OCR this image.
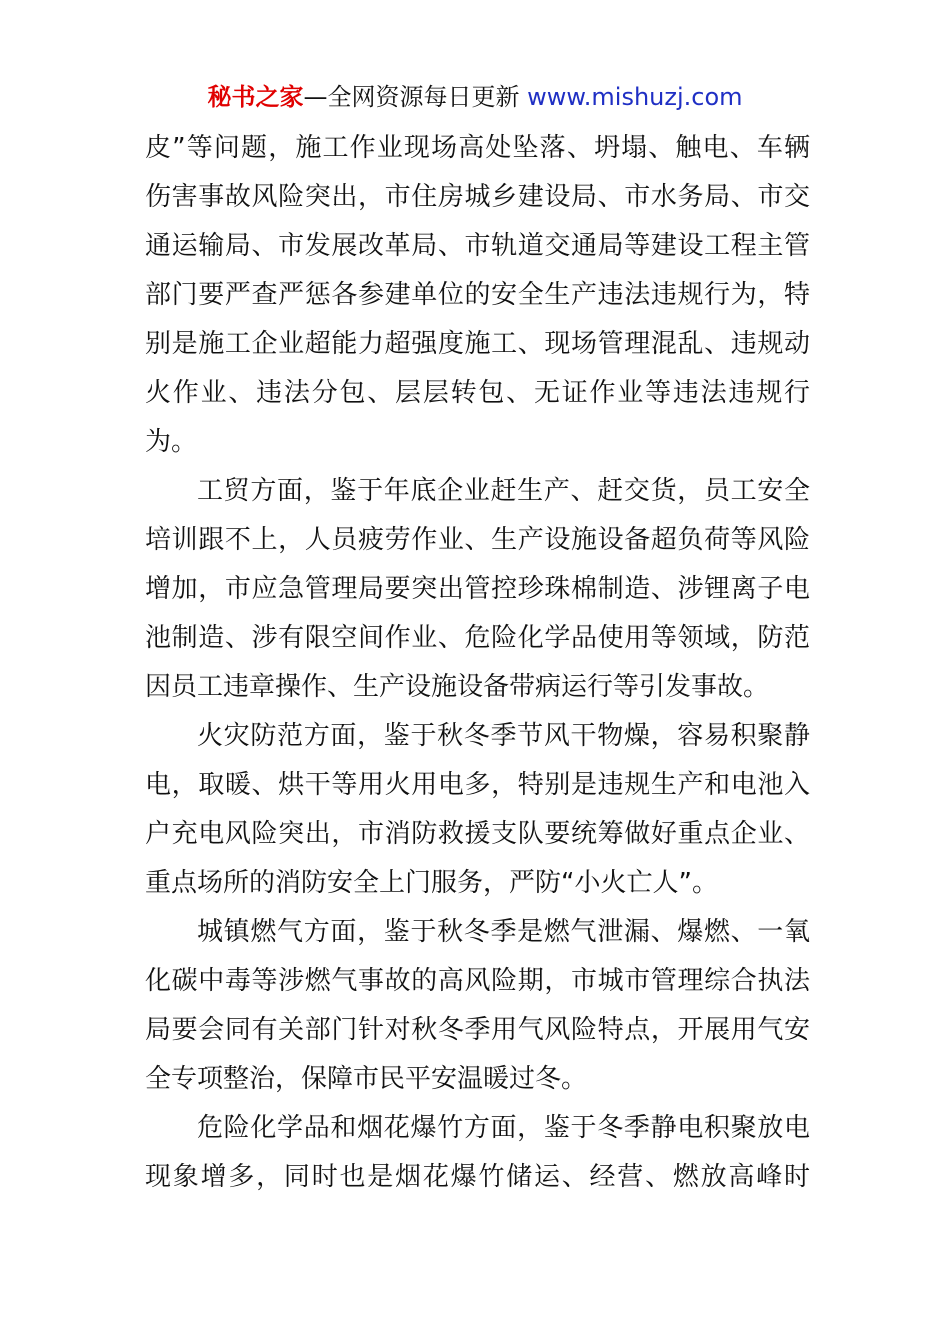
秘书之家—全网资源每日更新 www.mishuzj.com
皮”等问题，施工作业现场高处坠落、坍塌、触电、车辆
伤害事故风险突出，市住房城乡建设局、市水务局、市交
通运输局、市发展改革局、市轨道交通局等建设工程主管
部门要严查严惩各参建单位的安全生产违法违规行为，特
别是施工企业超能力超强度施工、现场管理混乱、违规动
火作业、违法分包、层层转包、无证作业等违法违规行
为。
工贸方面，鉴于年底企业赶生产、赶交货，员工安全
培训跟不上，人员疲劳作业、生产设施设备超负荷等风险
增加，市应急管理局要突出管控珍珠棉制造、涉锂离子电
池制造、涉有限空间作业、危险化学品使用等领域，防范
因员工违章操作、生产设施设备带病运行等引发事故。
火灾防范方面，鉴于秋冬季节风干物燥，容易积聚静
电，取暖、烘干等用火用电多，特别是违规生产和电池入
户充电风险突出，市消防救援支队要统筹做好重点企业、
重点场所的消防安全上门服务，严防“小火亡人”。
城镇燃气方面，鉴于秋冬季是燃气泄漏、爆燃、一氧
化碳中毒等涉燃气事故的高风险期，市城市管理综合执法
局要会同有关部门针对秋冬季用气风险特点，开展用气安
全专项整治，保障市民平安温暖过冬。
危险化学品和烟花爆竹方面，鉴于冬季静电积聚放电
现象增多，同时也是烟花爆竹储运、经营、燃放高峰时
